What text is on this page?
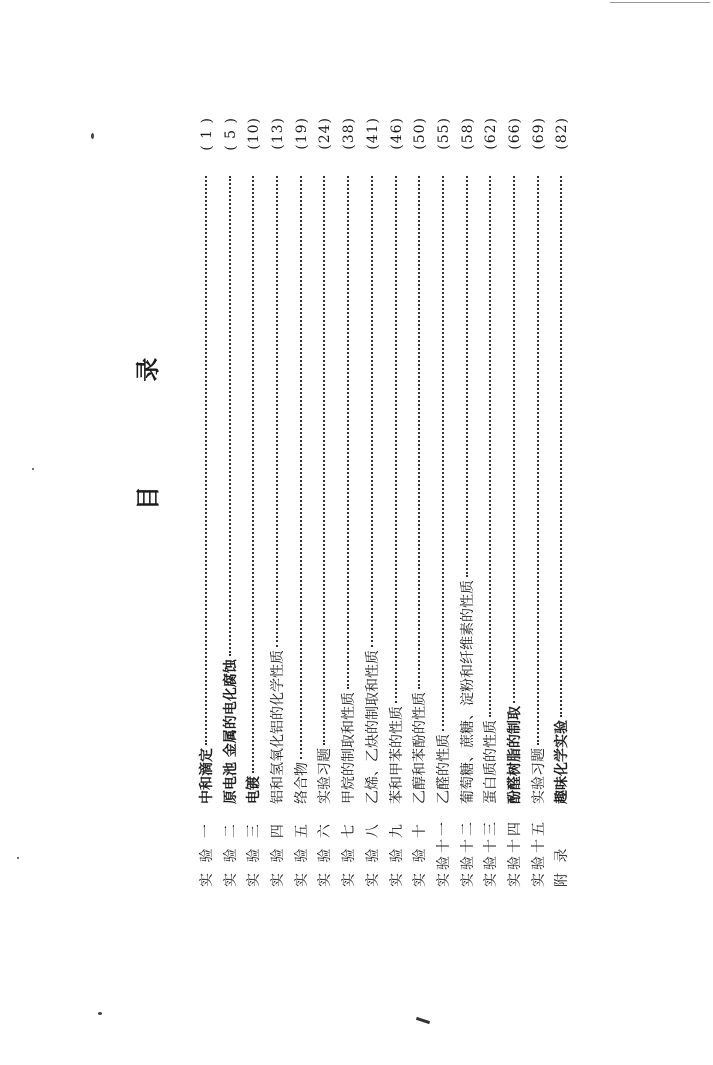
目 录
实 验 一
中和滴定
( 1 )
实 验 二
原电池 金属的电化腐蚀
( 5 )
实 验 三
电镀
(10)
实 验 四
铝和氢氧化铝的化学性质
(13)
实 验 五
络合物
(19)
实 验 六
实验习题
(24)
实 验 七
甲烷的制取和性质
(38)
实 验 八
乙烯、乙炔的制取和性质
(41)
实 验 九
苯和甲苯的性质
(46)
实 验 十
乙醇和苯酚的性质
(50)
实验十一
乙醛的性质
(55)
实验十二
葡萄糖、蔗糖、淀粉和纤维素的性质
(58)
实验十三
蛋白质的性质
(62)
实验十四
酚醛树脂的制取
(66)
实验十五
实验习题
(69)
附 录
趣味化学实验
(82)
